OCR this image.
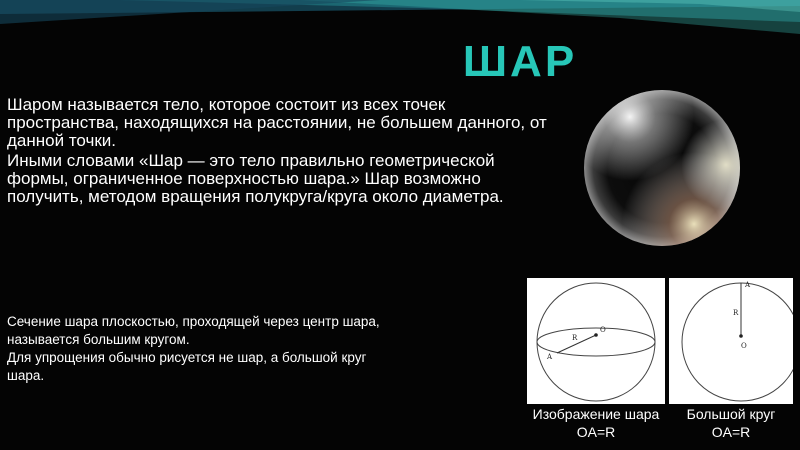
ШАР

Шаром называется тело, которое состоит из всех точек пространства, находящихся на расстоянии, не большем данного, от данной точки.

Иными словами «Шар — это тело правильно геометрической формы, ограниченное поверхностью шара.» Шар возможно получить, методом вращения полукруга/круга около диаметра.

Сечение шара плоскостью, проходящей через центр шара,
называется большим кругом.
Для упрощения обычно рисуется не шар, а большой круг
шара.
O
R
A
A
R
O
Изображение шара
OA=R
Большой круг
OA=R
